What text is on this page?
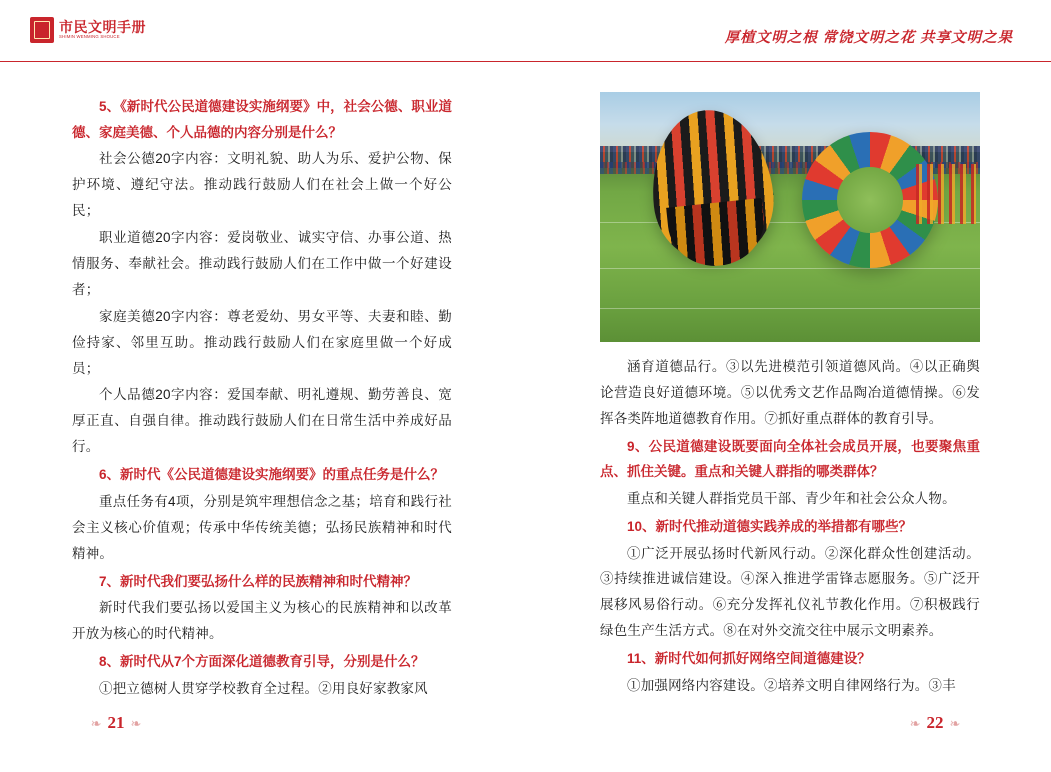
市民文明手册
SHIMIN WENMING SHOUCE	厚植文明之根 常饶文明之花 共享文明之果

5、《新时代公民道德建设实施纲要》中，社会公德、职业道德、家庭美德、个人品德的内容分别是什么？

社会公德20字内容：文明礼貌、助人为乐、爱护公物、保护环境、遵纪守法。推动践行鼓励人们在社会上做一个好公民；

职业道德20字内容：爱岗敬业、诚实守信、办事公道、热情服务、奉献社会。推动践行鼓励人们在工作中做一个好建设者；

家庭美德20字内容：尊老爱幼、男女平等、夫妻和睦、勤俭持家、邻里互助。推动践行鼓励人们在家庭里做一个好成员；

个人品德20字内容：爱国奉献、明礼遵规、勤劳善良、宽厚正直、自强自律。推动践行鼓励人们在日常生活中养成好品行。

6、新时代《公民道德建设实施纲要》的重点任务是什么？

重点任务有4项，分别是筑牢理想信念之基；培育和践行社会主义核心价值观；传承中华传统美德；弘扬民族精神和时代精神。

7、新时代我们要弘扬什么样的民族精神和时代精神？

新时代我们要弘扬以爱国主义为核心的民族精神和以改革开放为核心的时代精神。

8、新时代从7个方面深化道德教育引导，分别是什么？

①把立德树人贯穿学校教育全过程。②用良好家教家风

涵育道德品行。③以先进模范引领道德风尚。④以正确舆论营造良好道德环境。⑤以优秀文艺作品陶冶道德情操。⑥发挥各类阵地道德教育作用。⑦抓好重点群体的教育引导。

9、公民道德建设既要面向全体社会成员开展，也要聚焦重点、抓住关键。重点和关键人群指的哪类群体？

重点和关键人群指党员干部、青少年和社会公众人物。

10、新时代推动道德实践养成的举措都有哪些？

①广泛开展弘扬时代新风行动。②深化群众性创建活动。③持续推进诚信建设。④深入推进学雷锋志愿服务。⑤广泛开展移风易俗行动。⑥充分发挥礼仪礼节教化作用。⑦积极践行绿色生产生活方式。⑧在对外交流交往中展示文明素养。

11、新时代如何抓好网络空间道德建设？

①加强网络内容建设。②培养文明自律网络行为。③丰

❧ 21 ❧	❧ 22 ❧
